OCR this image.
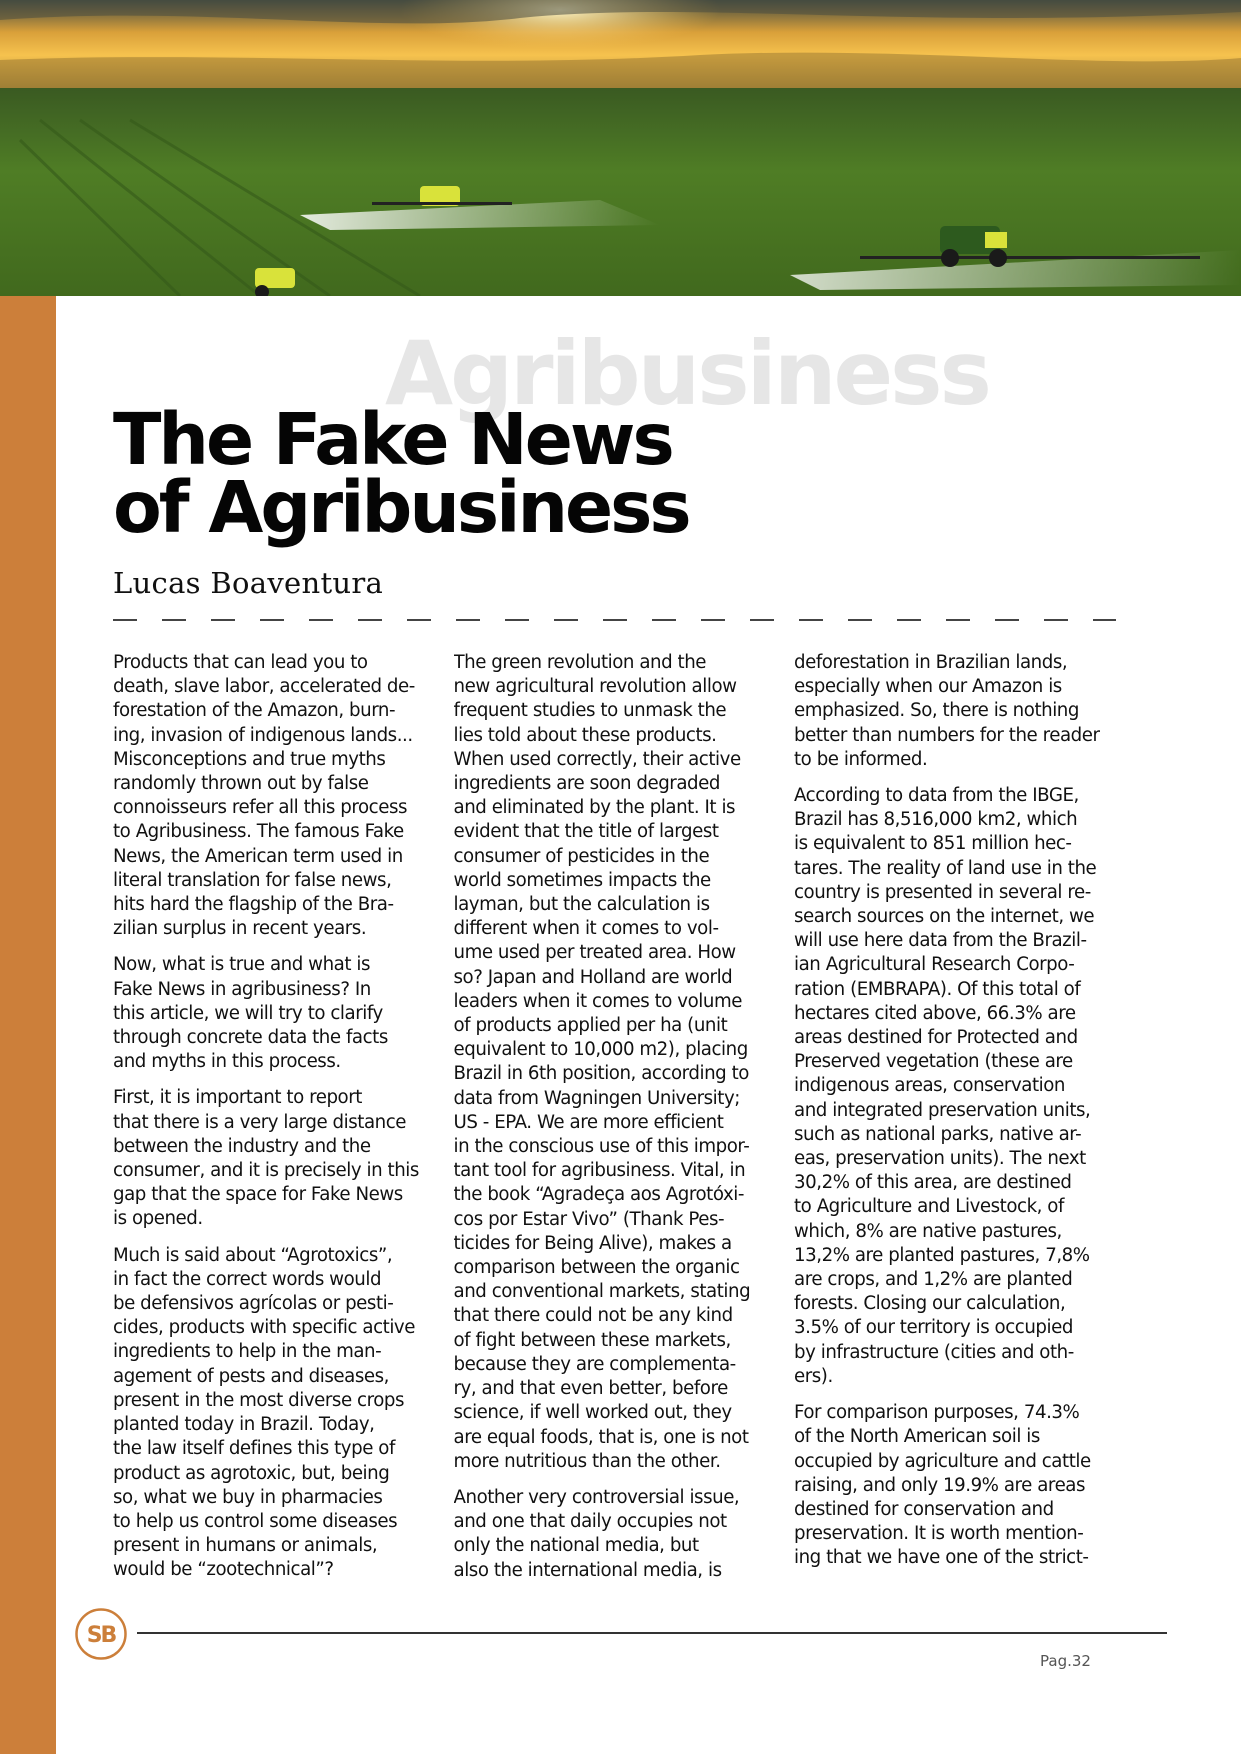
Agribusiness
The Fake News
of Agribusiness
Lucas Boaventura

Products that can lead you to
death, slave labor, accelerated de-
forestation of the Amazon, burn-
ing, invasion of indigenous lands...
Misconceptions and true myths
randomly thrown out by false
connoisseurs refer all this process
to Agribusiness. The famous Fake
News, the American term used in
literal translation for false news,
hits hard the flagship of the Bra-
zilian surplus in recent years.

Now, what is true and what is
Fake News in agribusiness? In
this article, we will try to clarify
through concrete data the facts
and myths in this process.

First, it is important to report
that there is a very large distance
between the industry and the
consumer, and it is precisely in this
gap that the space for Fake News
is opened.

Much is said about “Agrotoxics”,
in fact the correct words would
be defensivos agrícolas or pesti-
cides, products with specific active
ingredients to help in the man-
agement of pests and diseases,
present in the most diverse crops
planted today in Brazil. Today,
the law itself defines this type of
product as agrotoxic, but, being
so, what we buy in pharmacies
to help us control some diseases
present in humans or animals,
would be “zootechnical”?

The green revolution and the
new agricultural revolution allow
frequent studies to unmask the
lies told about these products.
When used correctly, their active
ingredients are soon degraded
and eliminated by the plant. It is
evident that the title of largest
consumer of pesticides in the
world sometimes impacts the
layman, but the calculation is
different when it comes to vol-
ume used per treated area. How
so? Japan and Holland are world
leaders when it comes to volume
of products applied per ha (unit
equivalent to 10,000 m2), placing
Brazil in 6th position, according to
data from Wagningen University;
US - EPA. We are more efficient
in the conscious use of this impor-
tant tool for agribusiness. Vital, in
the book “Agradeça aos Agrotóxi-
cos por Estar Vivo” (Thank Pes-
ticides for Being Alive), makes a
comparison between the organic
and conventional markets, stating
that there could not be any kind
of fight between these markets,
because they are complementa-
ry, and that even better, before
science, if well worked out, they
are equal foods, that is, one is not
more nutritious than the other.

Another very controversial issue,
and one that daily occupies not
only the national media, but
also the international media, is

deforestation in Brazilian lands,
especially when our Amazon is
emphasized. So, there is nothing
better than numbers for the reader
to be informed.

According to data from the IBGE,
Brazil has 8,516,000 km2, which
is equivalent to 851 million hec-
tares. The reality of land use in the
country is presented in several re-
search sources on the internet, we
will use here data from the Brazil-
ian Agricultural Research Corpo-
ration (EMBRAPA). Of this total of
hectares cited above, 66.3% are
areas destined for Protected and
Preserved vegetation (these are
indigenous areas, conservation
and integrated preservation units,
such as national parks, native ar-
eas, preservation units). The next
30,2% of this area, are destined
to Agriculture and Livestock, of
which, 8% are native pastures,
13,2% are planted pastures, 7,8%
are crops, and 1,2% are planted
forests. Closing our calculation,
3.5% of our territory is occupied
by infrastructure (cities and oth-
ers).

For comparison purposes, 74.3%
of the North American soil is
occupied by agriculture and cattle
raising, and only 19.9% are areas
destined for conservation and
preservation. It is worth mention-
ing that we have one of the strict-

SB
Pag.32
